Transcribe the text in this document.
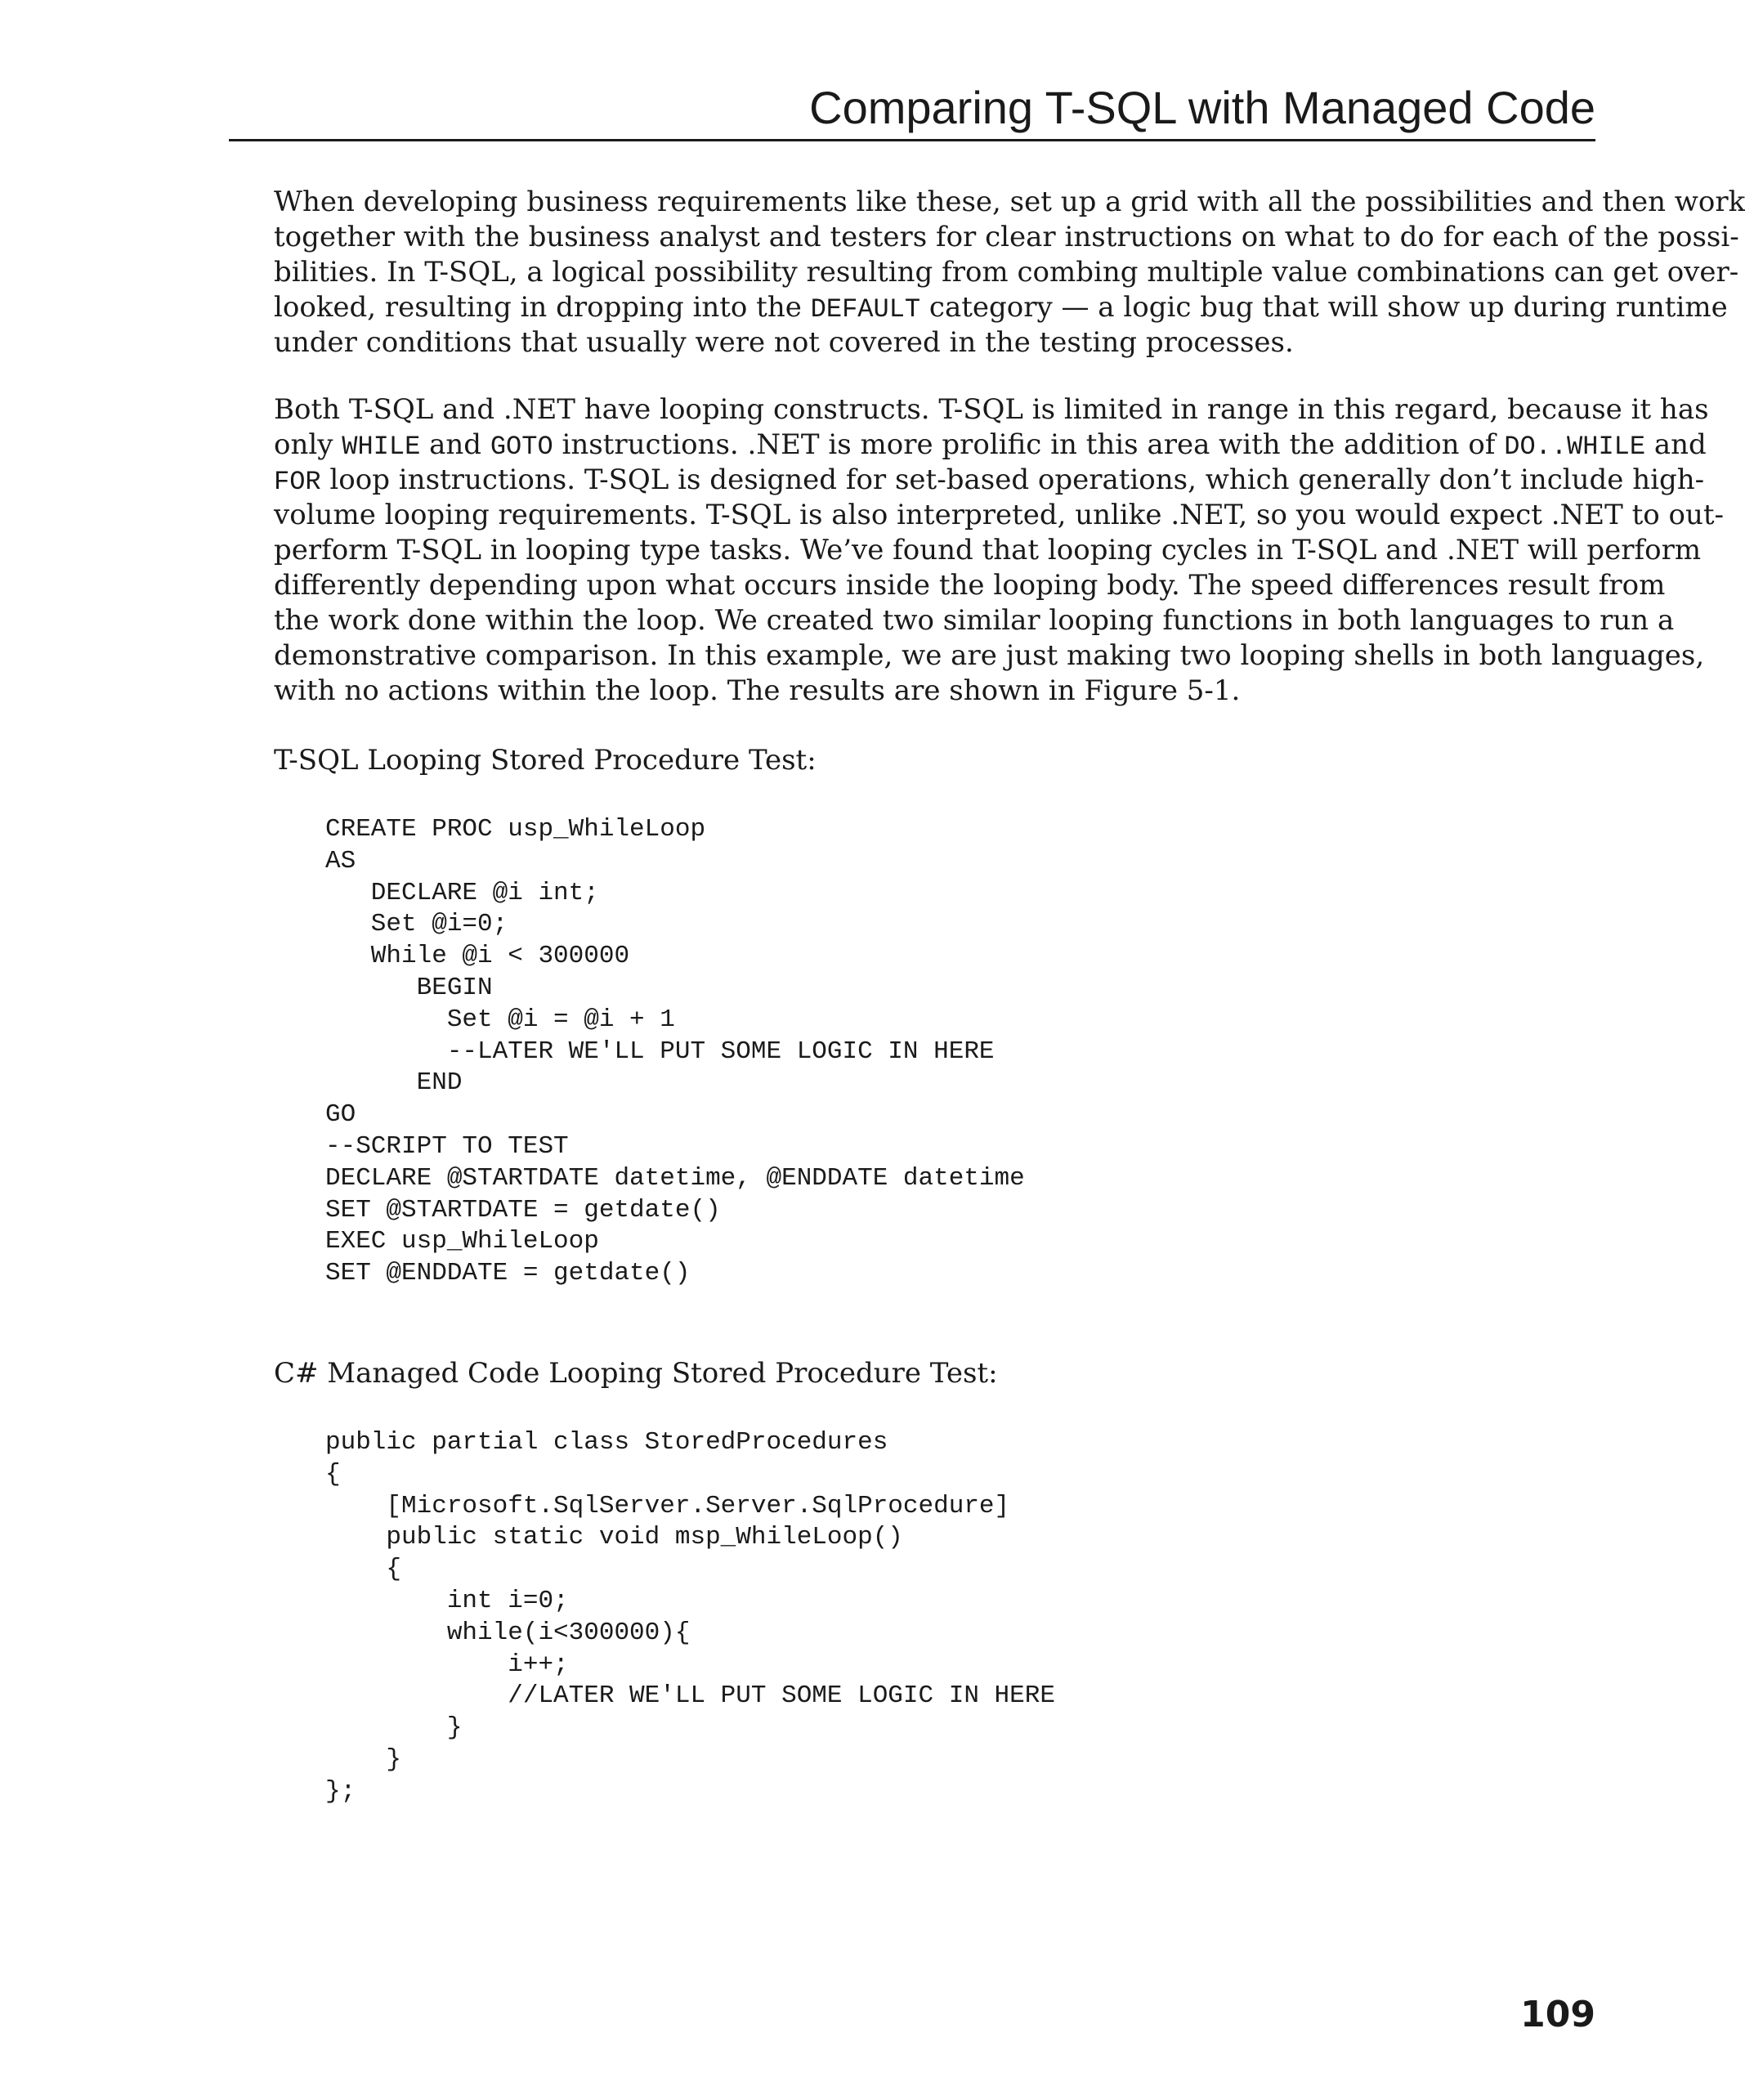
Comparing T-SQL with Managed Code
When developing business requirements like these, set up a grid with all the possibilities and then work
together with the business analyst and testers for clear instructions on what to do for each of the possi-
bilities. In T-SQL, a logical possibility resulting from combing multiple value combinations can get over-
looked, resulting in dropping into the DEFAULT category — a logic bug that will show up during runtime
under conditions that usually were not covered in the testing processes.
Both T-SQL and .NET have looping constructs. T-SQL is limited in range in this regard, because it has
only WHILE and GOTO instructions. .NET is more prolific in this area with the addition of DO..WHILE and
FOR loop instructions. T-SQL is designed for set-based operations, which generally don’t include high-
volume looping requirements. T-SQL is also interpreted, unlike .NET, so you would expect .NET to out-
perform T-SQL in looping type tasks. We’ve found that looping cycles in T-SQL and .NET will perform
differently depending upon what occurs inside the looping body. The speed differences result from
the work done within the loop. We created two similar looping functions in both languages to run a
demonstrative comparison. In this example, we are just making two looping shells in both languages,
with no actions within the loop. The results are shown in Figure 5-1.

T-SQL Looping Stored Procedure Test:

CREATE PROC usp_WhileLoop
AS
DECLARE @i int;
Set @i=0;
While @i < 300000
BEGIN
Set @i = @i + 1
--LATER WE'LL PUT SOME LOGIC IN HERE
END
GO
--SCRIPT TO TEST
DECLARE @STARTDATE datetime, @ENDDATE datetime
SET @STARTDATE = getdate()
EXEC usp_WhileLoop
SET @ENDDATE = getdate()

C# Managed Code Looping Stored Procedure Test:

public partial class StoredProcedures
{
[Microsoft.SqlServer.Server.SqlProcedure]
public static void msp_WhileLoop()
{
int i=0;
while(i<300000){
i++;
//LATER WE'LL PUT SOME LOGIC IN HERE
}
}
};
109
